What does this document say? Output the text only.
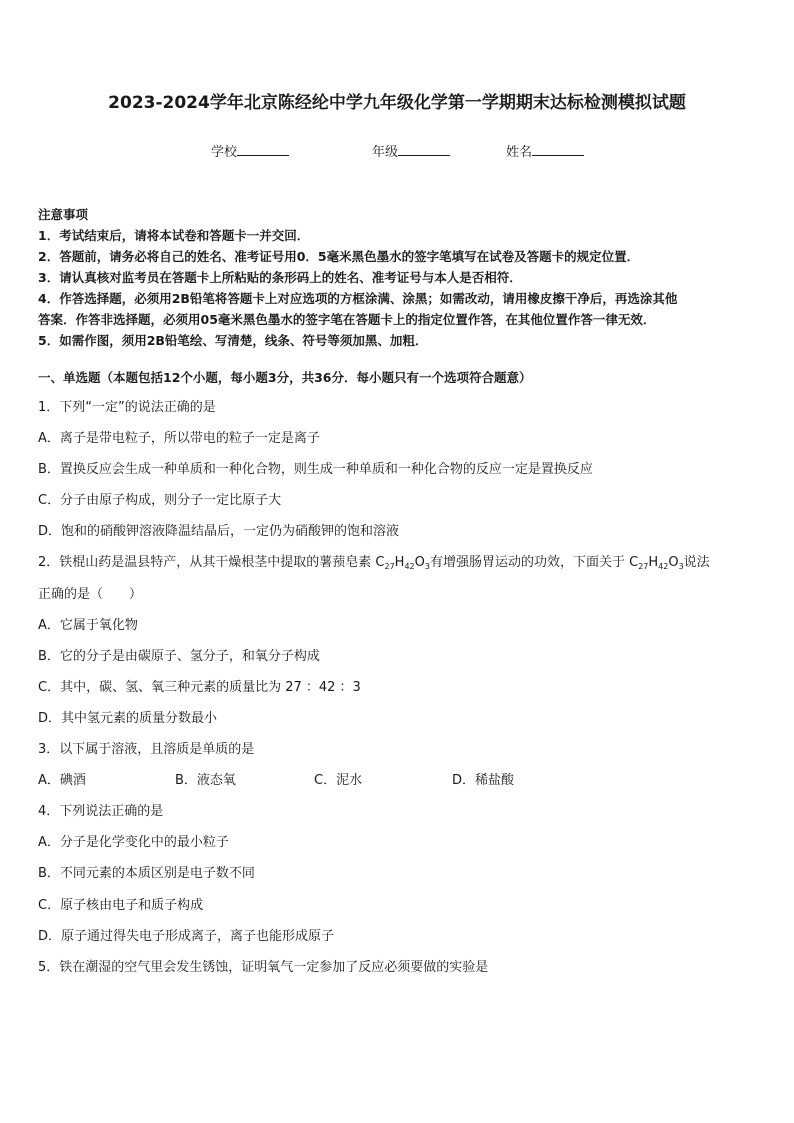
2023-2024学年北京陈经纶中学九年级化学第一学期期末达标检测模拟试题
学校	年级	姓名

注意事项

1．考试结束后，请将本试卷和答题卡一并交回．

2．答题前，请务必将自己的姓名、准考证号用0．5毫米黑色墨水的签字笔填写在试卷及答题卡的规定位置．

3．请认真核对监考员在答题卡上所粘贴的条形码上的姓名、准考证号与本人是否相符．

4．作答选择题，必须用2B铅笔将答题卡上对应选项的方框涂满、涂黑；如需改动，请用橡皮擦干净后，再选涂其他

答案．作答非选择题，必须用05毫米黑色墨水的签字笔在答题卡上的指定位置作答，在其他位置作答一律无效．

5．如需作图，须用2B铅笔绘、写清楚，线条、符号等须加黑、加粗．

一、单选题（本题包括12个小题，每小题3分，共36分．每小题只有一个选项符合题意）
1．下列“一定”的说法正确的是
A．离子是带电粒子，所以带电的粒子一定是离子
B．置换反应会生成一种单质和一种化合物，则生成一种单质和一种化合物的反应一定是置换反应
C．分子由原子构成，则分子一定比原子大
D．饱和的硝酸钾溶液降温结晶后，一定仍为硝酸钾的饱和溶液
2．铁棍山药是温县特产，从其干燥根茎中提取的薯蓣皂素 $C_{27}H_{42}O_3$有增强肠胃运动的功效，下面关于 $C_{27}H_{42}O_3$说法
正确的是（　　）
A．它属于氧化物
B．它的分子是由碳原子、氢分子，和氧分子构成
C．其中，碳、氢、氧三种元素的质量比为 27 ：42 ：3
D．其中氢元素的质量分数最小
3．以下属于溶液，且溶质是单质的是
A．碘酒	B．液态氧	C．泥水	D．稀盐酸
4．下列说法正确的是
A．分子是化学变化中的最小粒子
B．不同元素的本质区别是电子数不同
C．原子核由电子和质子构成
D．原子通过得失电子形成离子，离子也能形成原子
5．铁在潮湿的空气里会发生锈蚀，证明氧气一定参加了反应必须要做的实验是
